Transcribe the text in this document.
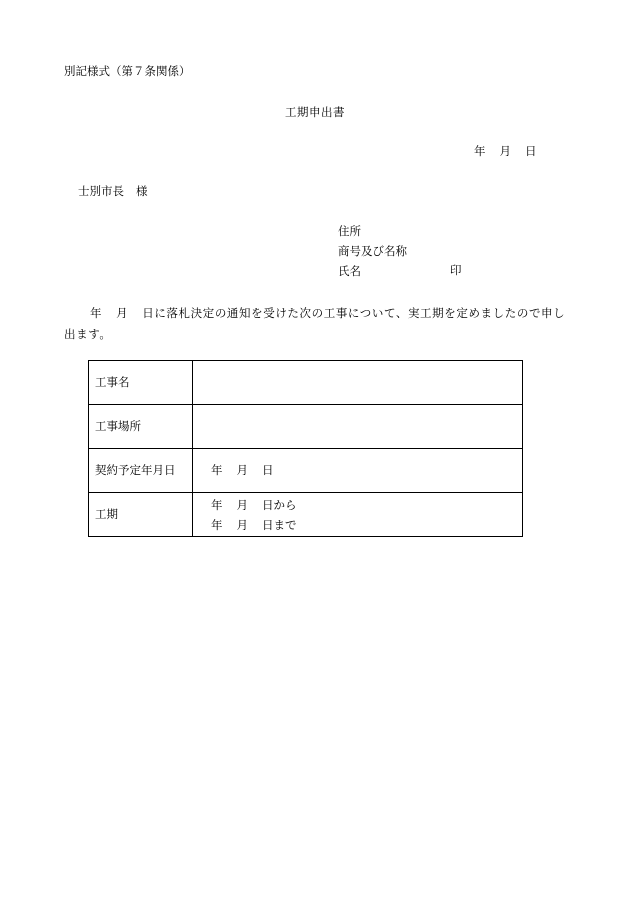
別記様式（第７条関係）
工期申出書
年 月 日
士別市長 様
住所
商号及び名称
氏名	印
年 月 日に落札決定の通知を受けた次の工事について、実工期を定めましたので申し出ます。
工事名	
工事場所	
契約予定年月日	年 月 日
工期	年 月 日から
年 月 日まで
